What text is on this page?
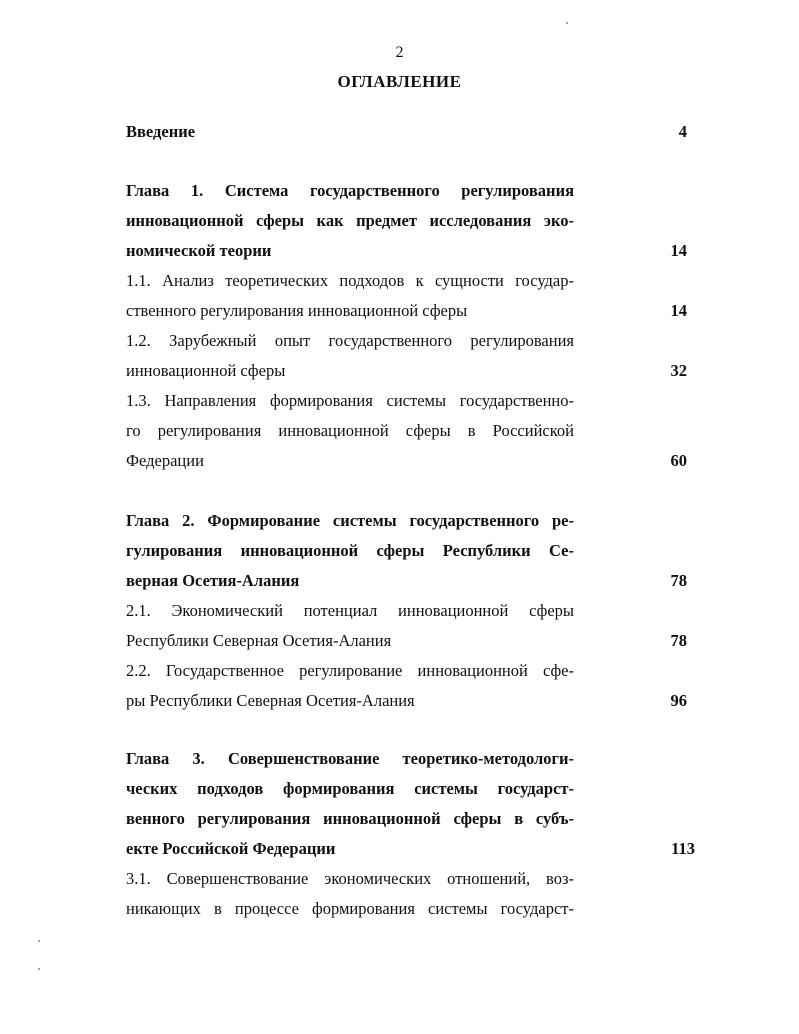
2
ОГЛАВЛЕНИЕ
Введение	4
Глава 1. Система государственного регулирования
инновационной сферы как предмет исследования эко-
номической теории	14
1.1. Анализ теоретических подходов к сущности государ-
ственного регулирования инновационной сферы	14
1.2. Зарубежный опыт государственного регулирования
инновационной сферы	32
1.3. Направления формирования системы государственно-
го регулирования инновационной сферы в Российской
Федерации	60
Глава 2. Формирование системы государственного ре-
гулирования инновационной сферы Республики Се-
верная Осетия-Алания	78
2.1. Экономический потенциал инновационной сферы
Республики Северная Осетия-Алания	78
2.2. Государственное регулирование инновационной сфе-
ры Республики Северная Осетия-Алания	96
Глава 3. Совершенствование теоретико-методологи-
ческих подходов формирования системы государст-
венного регулирования инновационной сферы в субъ-
екте Российской Федерации	113
3.1. Совершенствование экономических отношений, воз-
никающих в процессе формирования системы государст-
